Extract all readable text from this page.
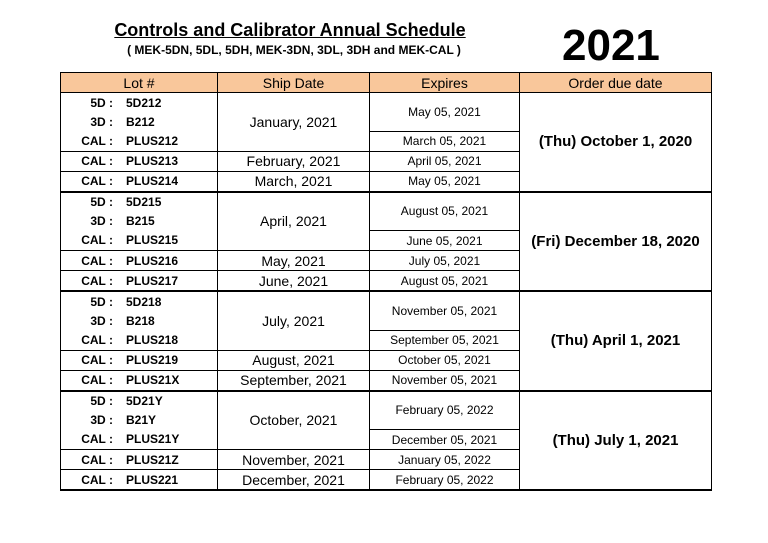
Controls and Calibrator Annual Schedule
( MEK-5DN, 5DL, 5DH, MEK-3DN, 3DL, 3DH and MEK-CAL )	2021
Lot #	Ship Date	Expires	Order due date
5D : 5D212	January, 2021	May 05, 2021	(Thu) October 1, 2020
3D : B212			
CAL : PLUS212		March 05, 2021	
CAL : PLUS213	February, 2021	April 05, 2021	
CAL : PLUS214	March, 2021	May 05, 2021	
5D : 5D215	April, 2021	August 05, 2021	(Fri) December 18, 2020
3D : B215			
CAL : PLUS215		June 05, 2021	
CAL : PLUS216	May, 2021	July 05, 2021	
CAL : PLUS217	June, 2021	August 05, 2021	
5D : 5D218	July, 2021	November 05, 2021	(Thu) April 1, 2021
3D : B218			
CAL : PLUS218		September 05, 2021	
CAL : PLUS219	August, 2021	October 05, 2021	
CAL : PLUS21X	September, 2021	November 05, 2021	
5D : 5D21Y	October, 2021	February 05, 2022	(Thu) July 1, 2021
3D : B21Y			
CAL : PLUS21Y		December 05, 2021	
CAL : PLUS21Z	November, 2021	January 05, 2022	
CAL : PLUS221	December, 2021	February 05, 2022	
